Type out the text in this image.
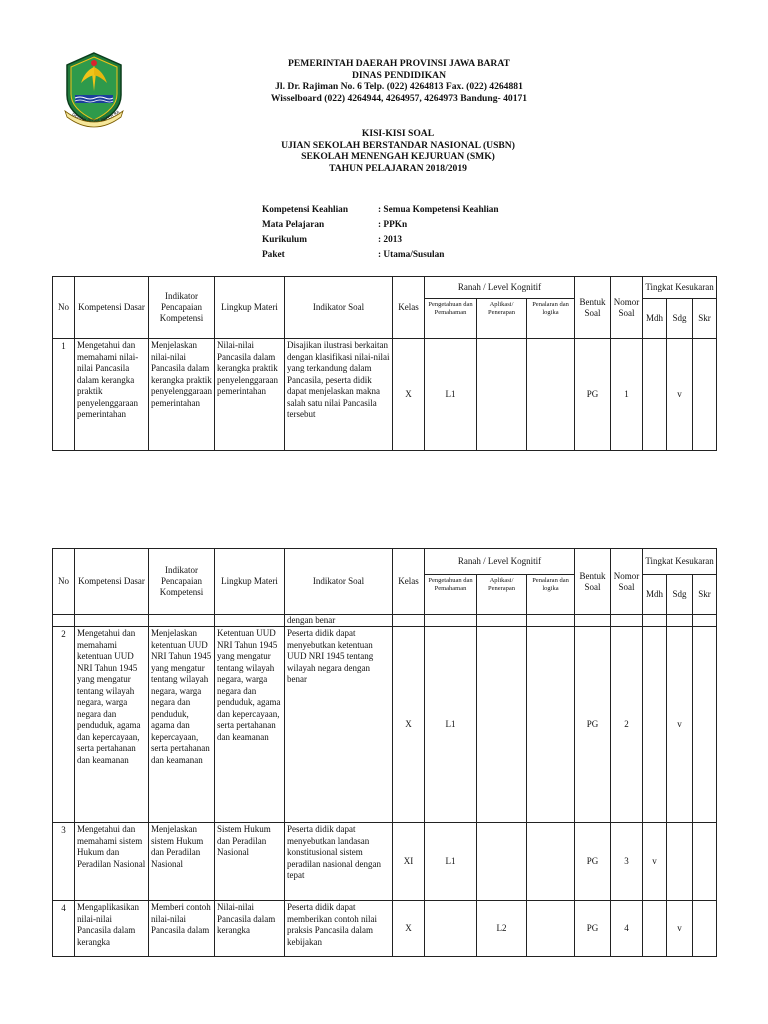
GEMAH RIPAH REPEH RA
PEMERINTAH DAERAH PROVINSI JAWA BARAT
DINAS PENDIDIKAN
Jl. Dr. Rajiman No. 6 Telp. (022) 4264813 Fax. (022) 4264881
Wisselboard (022) 4264944, 4264957, 4264973 Bandung- 40171
KISI-KISI SOAL
UJIAN SEKOLAH BERSTANDAR NASIONAL (USBN)
SEKOLAH MENENGAH KEJURUAN (SMK)
TAHUN PELAJARAN 2018/2019
Kompetensi Keahlian	: Semua Kompetensi Keahlian
Mata Pelajaran	: PPKn
Kurikulum	: 2013
Paket	: Utama/Susulan
No	Kompetensi Dasar	Indikator Pencapaian Kompetensi	Lingkup Materi	Indikator Soal	Kelas	Ranah / Level Kognitif			Bentuk Soal	Nomor Soal	Tingkat Kesukaran		
						Pengetahuan dan Pemahaman	Aplikasi/ Penerapan	Penalaran dan logika			Mdh	Sdg	Skr
1	Mengetahui dan memahami nilai-nilai Pancasila dalam kerangka praktik penyelenggaraan pemerintahan	Menjelaskan nilai-nilai Pancasila dalam kerangka praktik penyelenggaraan pemerintahan	Nilai-nilai Pancasila dalam kerangka praktik penyelenggaraan pemerintahan	Disajikan ilustrasi berkaitan dengan klasifikasi nilai-nilai yang terkandung dalam Pancasila, peserta didik dapat menjelaskan makna salah satu nilai Pancasila tersebut	X	L1			PG	1		v	
No	Kompetensi Dasar	Indikator Pencapaian Kompetensi	Lingkup Materi	Indikator Soal	Kelas	Ranah / Level Kognitif			Bentuk Soal	Nomor Soal	Tingkat Kesukaran		
						Pengetahuan dan Pemahaman	Aplikasi/ Penerapan	Penalaran dan logika			Mdh	Sdg	Skr
				dengan benar									
2	Mengetahui dan memahami ketentuan UUD NRI Tahun 1945 yang mengatur tentang wilayah negara, warga negara dan penduduk, agama dan kepercayaan, serta pertahanan dan keamanan	Menjelaskan ketentuan UUD NRI Tahun 1945 yang mengatur tentang wilayah negara, warga negara dan penduduk, agama dan kepercayaan, serta pertahanan dan keamanan	Ketentuan UUD NRI Tahun 1945 yang mengatur tentang wilayah negara, warga negara dan penduduk, agama dan kepercayaan, serta pertahanan dan keamanan	Peserta didik dapat menyebutkan ketentuan UUD NRI 1945 tentang wilayah negara dengan benar	X	L1			PG	2		v	
3	Mengetahui dan memahami sistem Hukum dan Peradilan Nasional	Menjelaskan sistem Hukum dan Peradilan Nasional	Sistem Hukum dan Peradilan Nasional	Peserta didik dapat menyebutkan landasan konstitusional sistem peradilan nasional dengan tepat	XI	L1			PG	3	v		
4	Mengaplikasikan nilai-nilai Pancasila dalam kerangka	Memberi contoh nilai-nilai Pancasila dalam	Nilai-nilai Pancasila dalam kerangka	Peserta didik dapat memberikan contoh nilai praksis Pancasila dalam kebijakan	X		L2		PG	4		v	
